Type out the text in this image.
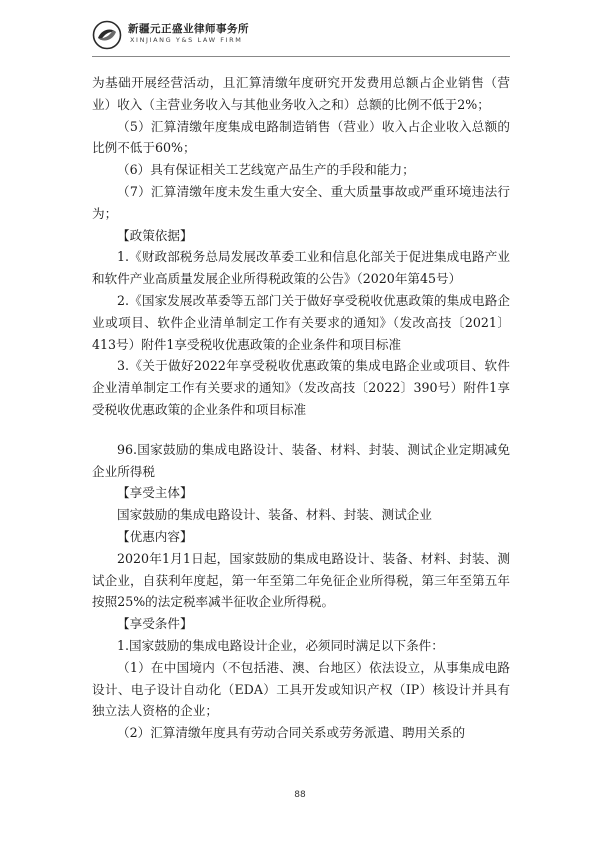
新疆元正盛业律师事务所
XINJIANG Y&S LAW FIRM

为基础开展经营活动，且汇算清缴年度研究开发费用总额占企业销售（营业）收入（主营业务收入与其他业务收入之和）总额的比例不低于2%；

（5）汇算清缴年度集成电路制造销售（营业）收入占企业收入总额的比例不低于60%；

（6）具有保证相关工艺线宽产品生产的手段和能力；

（7）汇算清缴年度未发生重大安全、重大质量事故或严重环境违法行为；

【政策依据】

1.《财政部税务总局发展改革委工业和信息化部关于促进集成电路产业和软件产业高质量发展企业所得税政策的公告》（2020年第45号）

2.《国家发展改革委等五部门关于做好享受税收优惠政策的集成电路企业或项目、软件企业清单制定工作有关要求的通知》（发改高技〔2021〕413号）附件1享受税收优惠政策的企业条件和项目标准

3.《关于做好2022年享受税收优惠政策的集成电路企业或项目、软件企业清单制定工作有关要求的通知》（发改高技〔2022〕390号）附件1享受税收优惠政策的企业条件和项目标准

96.国家鼓励的集成电路设计、装备、材料、封装、测试企业定期减免企业所得税

【享受主体】

国家鼓励的集成电路设计、装备、材料、封装、测试企业

【优惠内容】

2020年1月1日起，国家鼓励的集成电路设计、装备、材料、封装、测试企业，自获利年度起，第一年至第二年免征企业所得税，第三年至第五年按照25%的法定税率减半征收企业所得税。

【享受条件】

1.国家鼓励的集成电路设计企业，必须同时满足以下条件：

（1）在中国境内（不包括港、澳、台地区）依法设立，从事集成电路设计、电子设计自动化（EDA）工具开发或知识产权（IP）核设计并具有独立法人资格的企业；

（2）汇算清缴年度具有劳动合同关系或劳务派遣、聘用关系的

88
